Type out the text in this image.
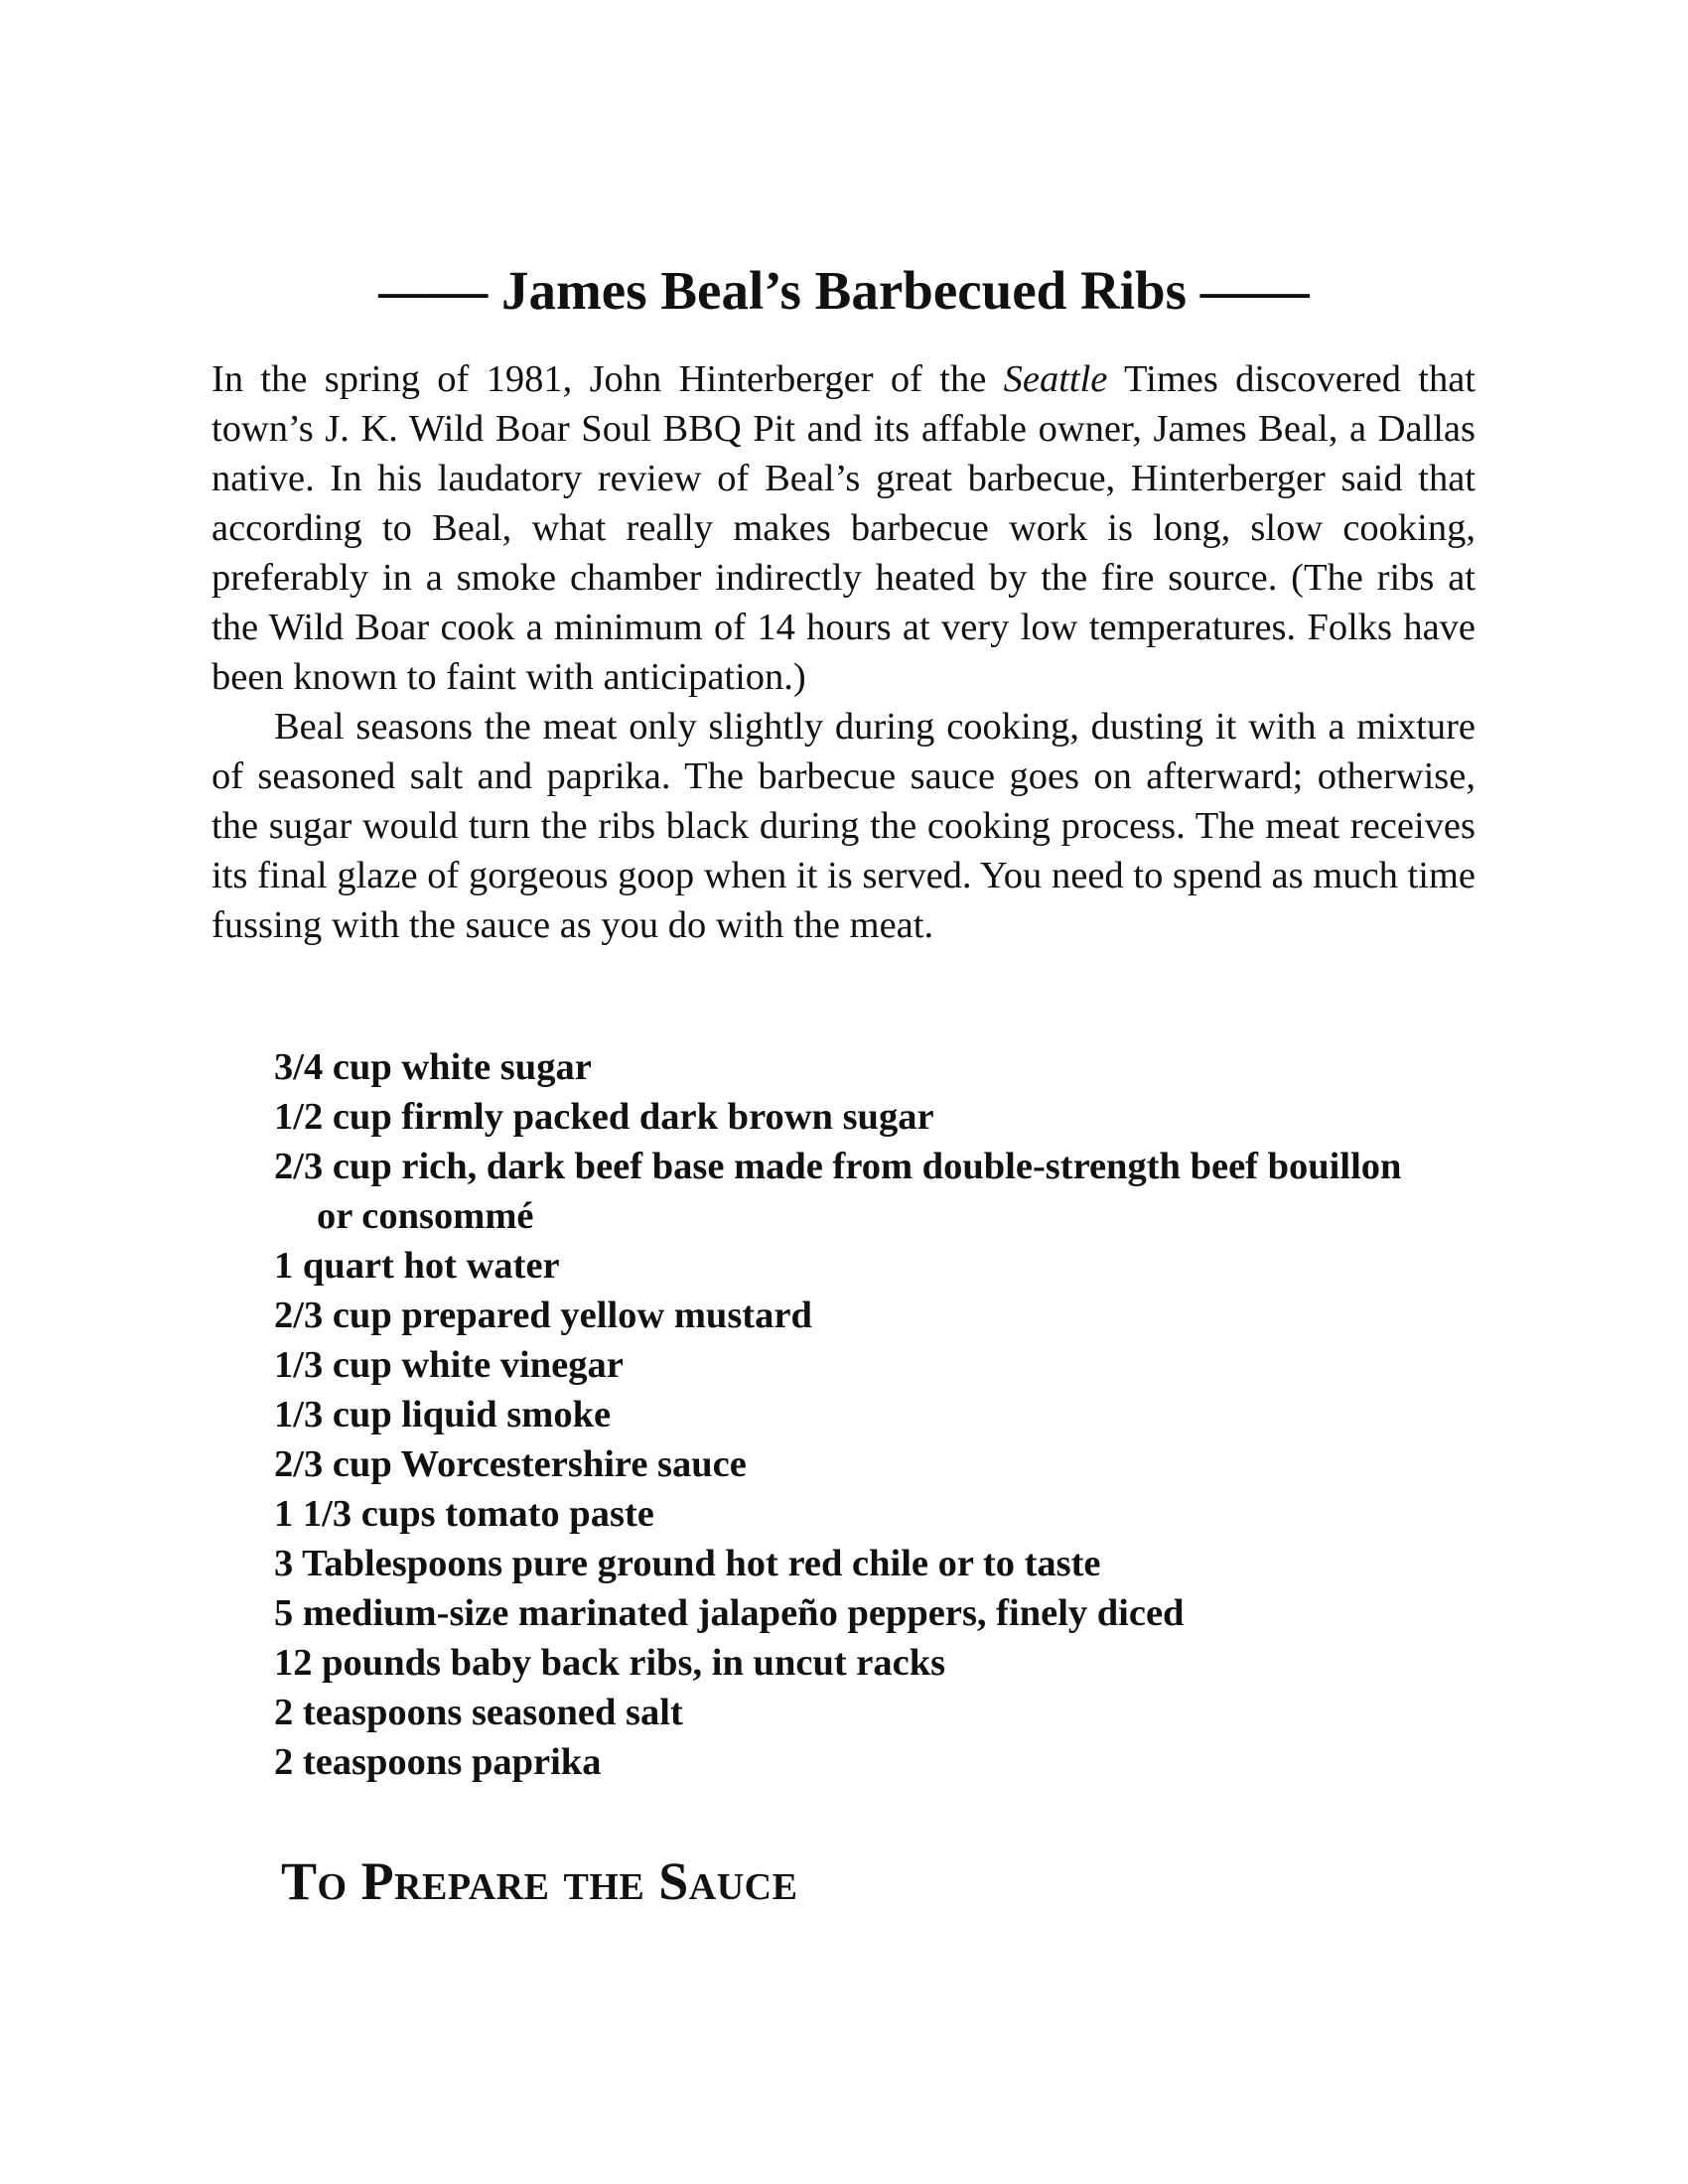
—— James Beal’s Barbecued Ribs ——

In the spring of 1981, John Hinterberger of the Seattle Times discovered that town’s J. K. Wild Boar Soul BBQ Pit and its affable owner, James Beal, a Dallas native. In his laudatory review of Beal’s great barbecue, Hinterberger said that according to Beal, what really makes barbecue work is long, slow cooking, preferably in a smoke chamber indirectly heated by the fire source. (The ribs at the Wild Boar cook a minimum of 14 hours at very low temperatures. Folks have been known to faint with anticipation.)

Beal seasons the meat only slightly during cooking, dusting it with a mixture of seasoned salt and paprika. The barbecue sauce goes on afterward; otherwise, the sugar would turn the ribs black during the cooking process. The meat receives its final glaze of gorgeous goop when it is served. You need to spend as much time fussing with the sauce as you do with the meat.

3/4 cup white sugar
1/2 cup firmly packed dark brown sugar
2/3 cup rich, dark beef base made from double-strength beef bouillon or consommé
1 quart hot water
2/3 cup prepared yellow mustard
1/3 cup white vinegar
1/3 cup liquid smoke
2/3 cup Worcestershire sauce
1 1/3 cups tomato paste
3 Tablespoons pure ground hot red chile or to taste
5 medium-size marinated jalapeño peppers, finely diced
12 pounds baby back ribs, in uncut racks
2 teaspoons seasoned salt
2 teaspoons paprika
To Prepare the Sauce
